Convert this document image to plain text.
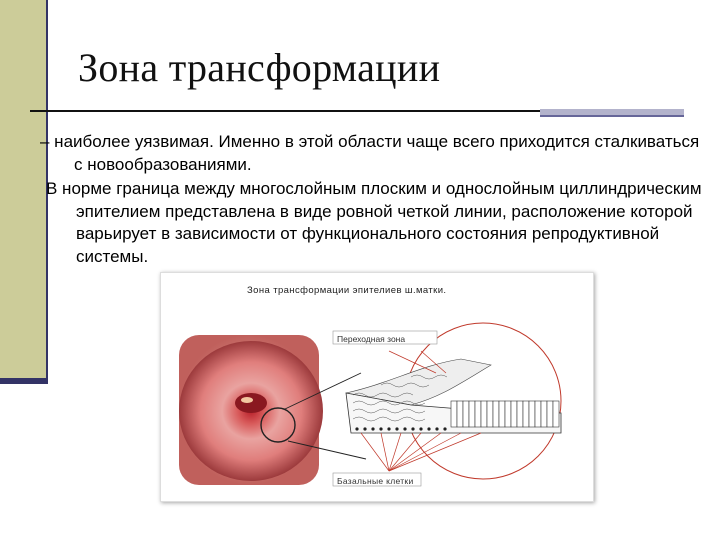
Зона трансформации

– наиболее уязвимая. Именно в этой области чаще всего приходится сталкиваться с новообразованиями.

В норме граница между многослойным плоским и однослойным циллиндрическим эпителием представлена в виде ровной четкой линии, расположение которой варьирует в зависимости от функционального состояния репродуктивной системы.

Зона трансформации эпителиев ш.матки.
Переходная зона
Базальные клетки
